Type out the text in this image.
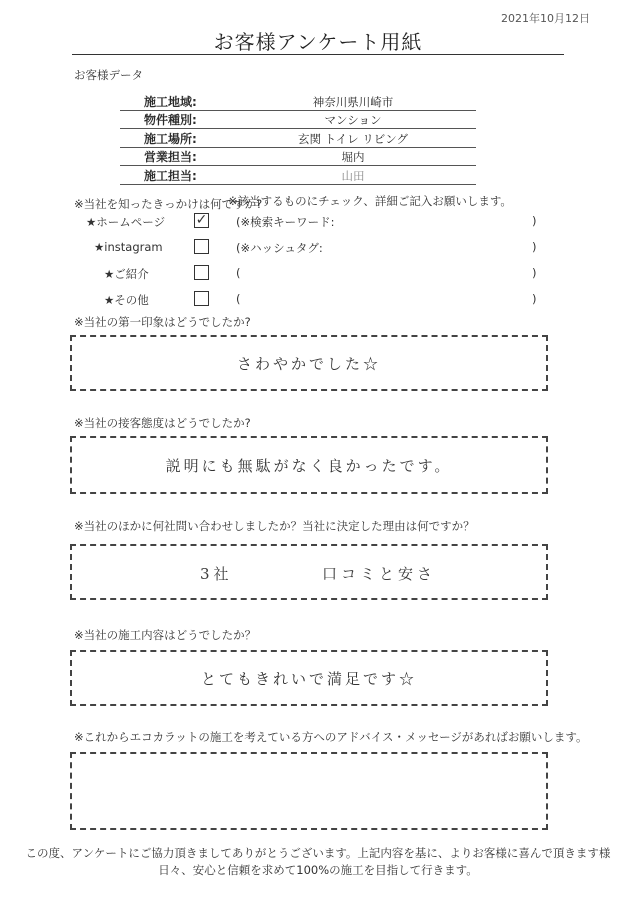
2021年10月12日
お客様アンケート用紙
お客様データ
施工地域:	神奈川県川崎市
物件種別:	マンション
施工場所:	玄関 トイレ リビング
営業担当:	堀内
施工担当:	山田
※当社を知ったきっかけは何ですか?
※該当するものにチェック、詳細ご記入お願いします。
★ホームページ ✓ (※検索キーワード:	)
★instagram	(※ハッシュタグ:	)
★ご紹介	(	)
★その他	(	)
※当社の第一印象はどうでしたか?
さわやかでした☆
※当社の接客態度はどうでしたか?
説明にも無駄がなく良かったです。
※当社のほかに何社問い合わせしましたか？当社に決定した理由は何ですか？
3社	口コミと安さ
※当社の施工内容はどうでしたか？
とてもきれいで満足です☆
※これからエコカラットの施工を考えている方へのアドバイス・メッセージがあればお願いします。
この度、アンケートにご協力頂きましてありがとうございます。上記内容を基に、よりお客様に喜んで頂きます様
日々、安心と信頼を求めて100%の施工を目指して行きます。
